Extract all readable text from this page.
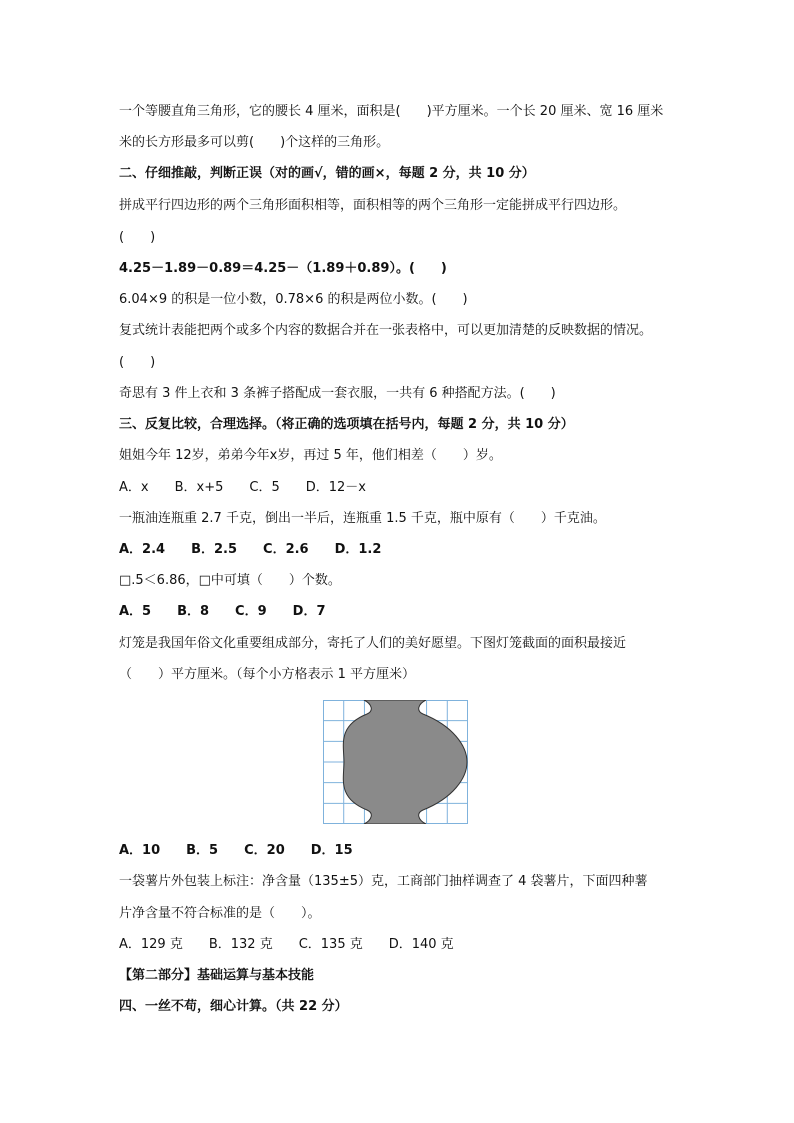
一个等腰直角三角形，它的腰长 4 厘米，面积是(　　)平方厘米。一个长 20 厘米、宽 16 厘米
米的长方形最多可以剪(　　)个这样的三角形。
二、仔细推敲，判断正误（对的画√，错的画×，每题 2 分，共 10 分）
拼成平行四边形的两个三角形面积相等，面积相等的两个三角形一定能拼成平行四边形。
(　　)
4.25－1.89－0.89＝4.25－（1.89＋0.89）。(　　)
6.04×9 的积是一位小数，0.78×6 的积是两位小数。(　　)
复式统计表能把两个或多个内容的数据合并在一张表格中，可以更加清楚的反映数据的情况。
(　　)
奇思有 3 件上衣和 3 条裤子搭配成一套衣服，一共有 6 种搭配方法。(　　)
三、反复比较，合理选择。（将正确的选项填在括号内，每题 2 分，共 10 分）
姐姐今年 12岁，弟弟今年x岁，再过 5 年，他们相差（　　）岁。
A．x　　B．x+5　　C．5　　D．12－x
一瓶油连瓶重 2.7 千克，倒出一半后，连瓶重 1.5 千克，瓶中原有（　　）千克油。
A．2.4　　B．2.5　　C．2.6　　D．1.2
□.5＜6.86，□中可填（　　）个数。
A．5　　B．8　　C．9　　D．7
灯笼是我国年俗文化重要组成部分，寄托了人们的美好愿望。下图灯笼截面的面积最接近
（　　）平方厘米。（每个小方格表示 1 平方厘米）
A．10　　B．5　　C．20　　D．15
一袋薯片外包装上标注：净含量（135±5）克，工商部门抽样调查了 4 袋薯片，下面四种薯
片净含量不符合标准的是（　　）。
A．129 克　　B．132 克　　C．135 克　　D．140 克
【第二部分】基础运算与基本技能
四、一丝不苟，细心计算。（共 22 分）
